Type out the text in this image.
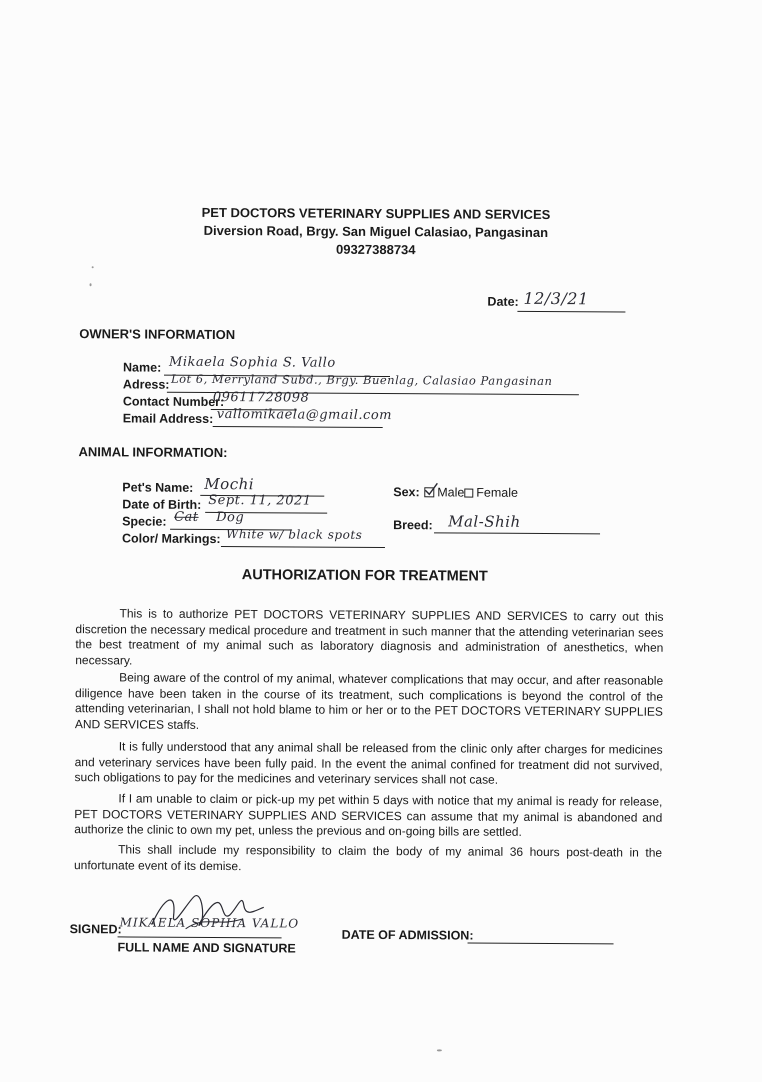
PET DOCTORS VETERINARY SUPPLIES AND SERVICES
Diversion Road, Brgy. San Miguel Calasiao, Pangasinan
09327388734
Date: 12/3/21
OWNER'S INFORMATION
Name: Mikaela Sophia S. Vallo
Adress: Lot 6, Merryland Subd., Brgy. Buenlag, Calasiao Pangasinan
Contact Number:
09611728098
Email Address: vallomikaela@gmail.com
ANIMAL INFORMATION:
Pet's Name: Mochi
Date of Birth: Sept. 11, 2021
Specie: Cat Dog
Color/ Markings: White w/ black spots
Sex: Male Female
Breed: Mal-Shih
AUTHORIZATION FOR TREATMENT
This is to authorize PET DOCTORS VETERINARY SUPPLIES AND SERVICES to carry out this discretion the necessary medical procedure and treatment in such manner that the attending veterinarian sees the best treatment of my animal such as laboratory diagnosis and administration of anesthetics, when necessary.
Being aware of the control of my animal, whatever complications that may occur, and after reasonable diligence have been taken in the course of its treatment, such complications is beyond the control of the attending veterinarian, I shall not hold blame to him or her or to the PET DOCTORS VETERINARY SUPPLIES AND SERVICES staffs.
It is fully understood that any animal shall be released from the clinic only after charges for medicines and veterinary services have been fully paid. In the event the animal confined for treatment did not survived, such obligations to pay for the medicines and veterinary services shall not case.
If I am unable to claim or pick-up my pet within 5 days with notice that my animal is ready for release, PET DOCTORS VETERINARY SUPPLIES AND SERVICES can assume that my animal is abandoned and authorize the clinic to own my pet, unless the previous and on-going bills are settled.
This shall include my responsibility to claim the body of my animal 36 hours post-death in the unfortunate event of its demise.
SIGNED:
MIKAELA SOPHIA VALLO
FULL NAME AND SIGNATURE
DATE OF ADMISSION:
